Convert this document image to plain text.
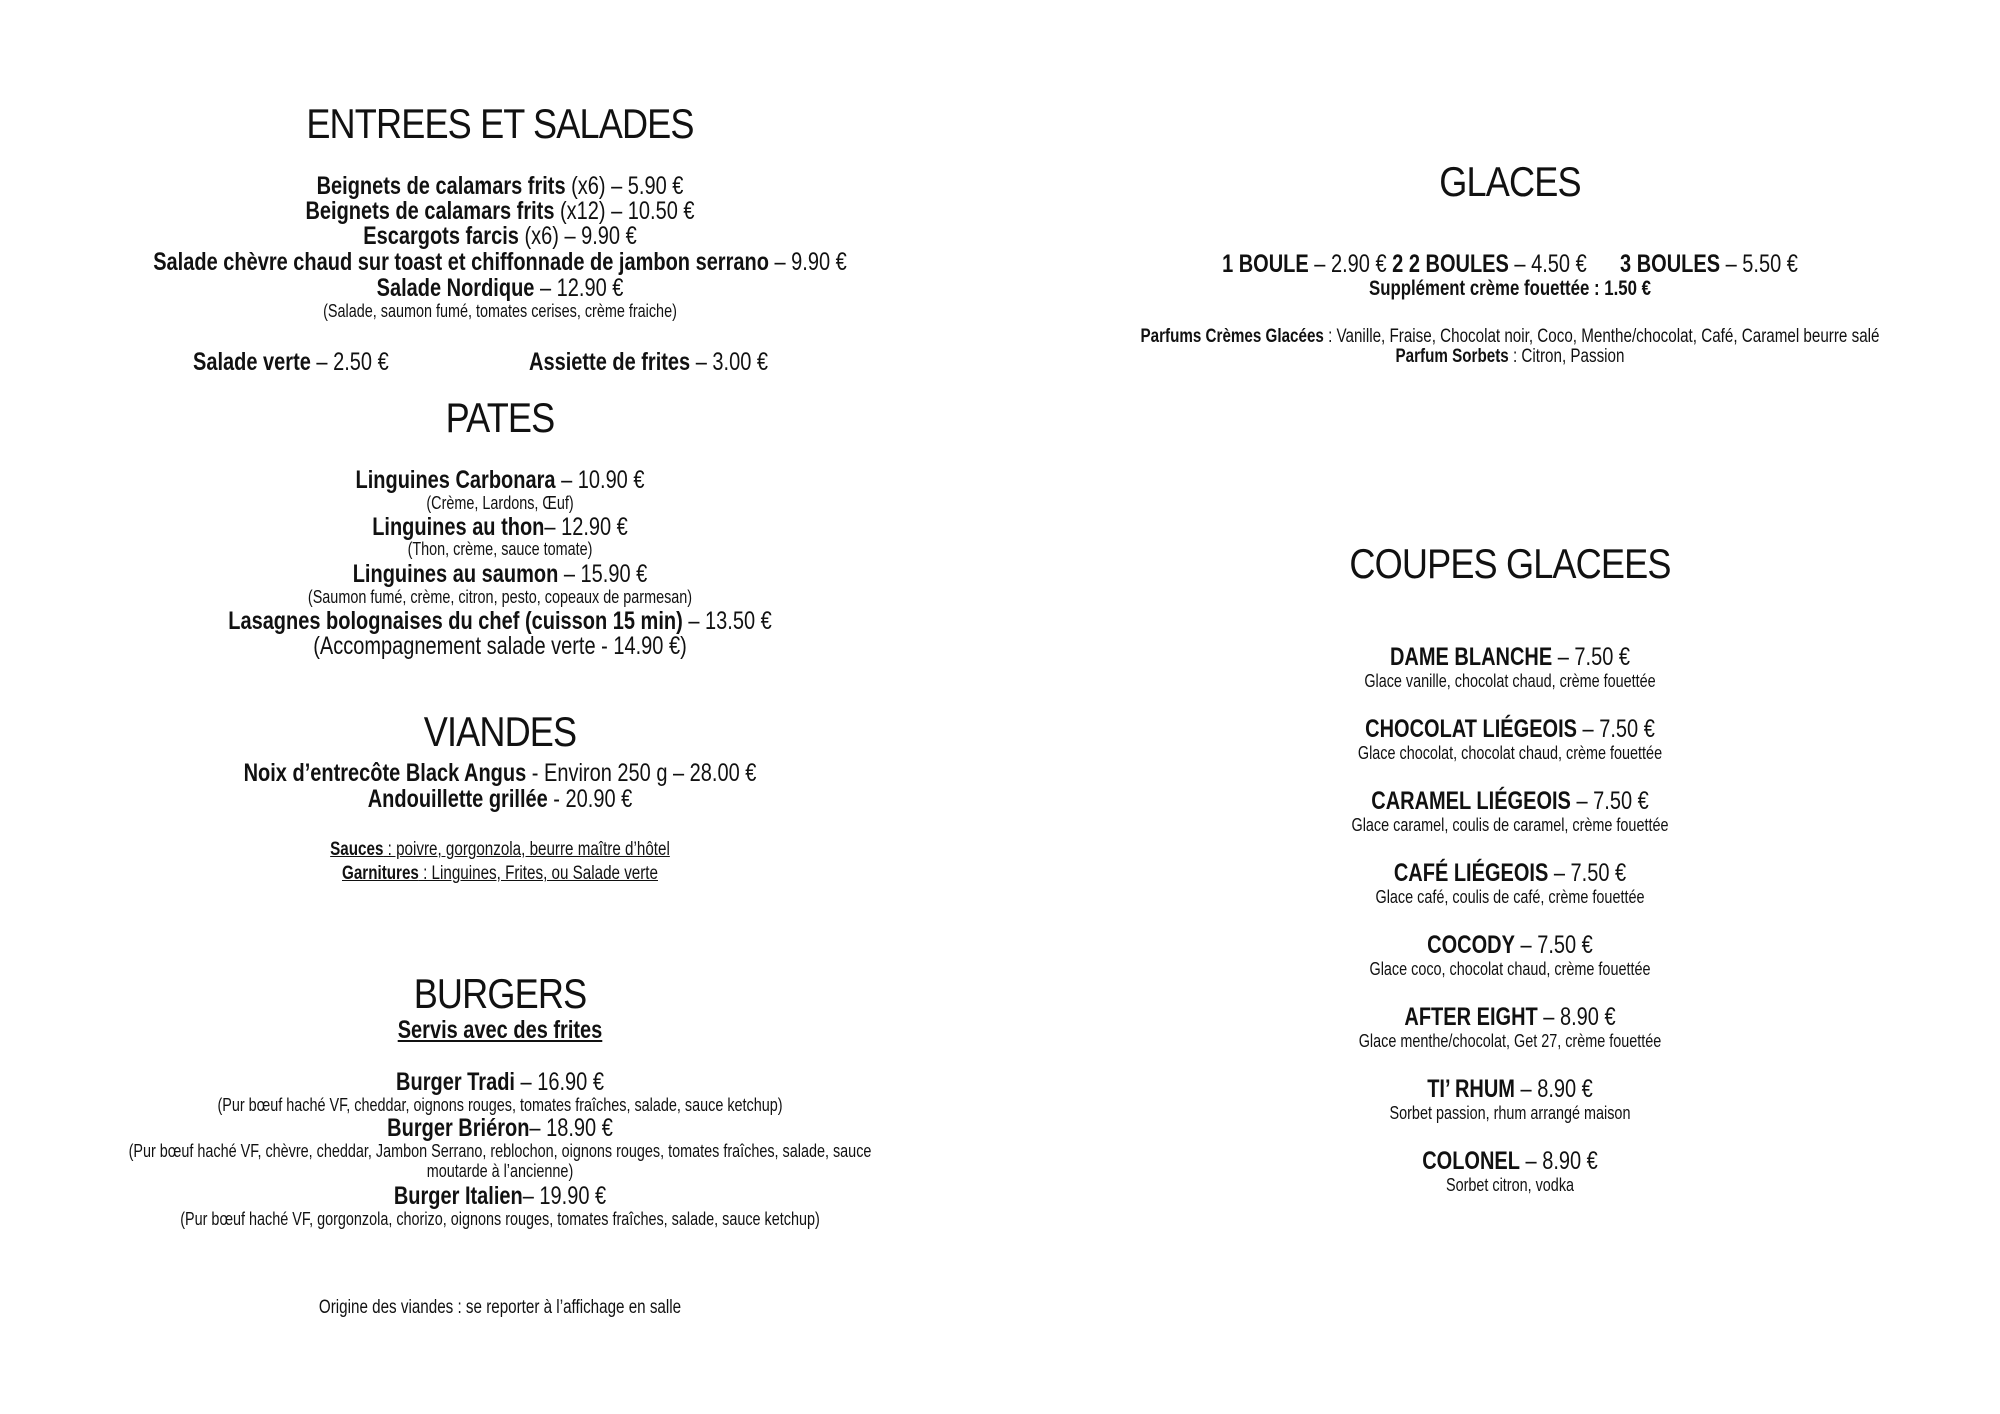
ENTREES ET SALADES
Beignets de calamars frits (x6) – 5.90 €
Beignets de calamars frits (x12) – 10.50 €
Escargots farcis (x6) – 9.90 €
Salade chèvre chaud sur toast et chiffonnade de jambon serrano – 9.90 €
Salade Nordique – 12.90 €
(Salade, saumon fumé, tomates cerises, crème fraiche)
Salade verte – 2.50 €	Assiette de frites – 3.00 €
PATES
Linguines Carbonara – 10.90 €
(Crème, Lardons, Œuf)
Linguines au thon– 12.90 €
(Thon, crème, sauce tomate)
Linguines au saumon – 15.90 €
(Saumon fumé, crème, citron, pesto, copeaux de parmesan)
Lasagnes bolognaises du chef (cuisson 15 min) – 13.50 €
(Accompagnement salade verte - 14.90 €)
VIANDES
Noix d’entrecôte Black Angus - Environ 250 g – 28.00 €
Andouillette grillée - 20.90 €
Sauces : poivre, gorgonzola, beurre maître d’hôtel
Garnitures : Linguines, Frites, ou Salade verte
BURGERS
Servis avec des frites
Burger Tradi – 16.90 €
(Pur bœuf haché VF, cheddar, oignons rouges, tomates fraîches, salade, sauce ketchup)
Burger Briéron– 18.90 €
(Pur bœuf haché VF, chèvre, cheddar, Jambon Serrano, reblochon, oignons rouges, tomates fraîches, salade, sauce
moutarde à l’ancienne)
Burger Italien– 19.90 €
(Pur bœuf haché VF, gorgonzola, chorizo, oignons rouges, tomates fraîches, salade, sauce ketchup)
Origine des viandes : se reporter à l’affichage en salle
GLACES
1 BOULE – 2.90 € 2 2 BOULES – 4.50 € 3 BOULES – 5.50 €
Supplément crème fouettée : 1.50 €
Parfums Crèmes Glacées : Vanille, Fraise, Chocolat noir, Coco, Menthe/chocolat, Café, Caramel beurre salé
Parfum Sorbets : Citron, Passion
COUPES GLACEES
DAME BLANCHE – 7.50 €
Glace vanille, chocolat chaud, crème fouettée
CHOCOLAT LIÉGEOIS – 7.50 €
Glace chocolat, chocolat chaud, crème fouettée
CARAMEL LIÉGEOIS – 7.50 €
Glace caramel, coulis de caramel, crème fouettée
CAFÉ LIÉGEOIS – 7.50 €
Glace café, coulis de café, crème fouettée
COCODY – 7.50 €
Glace coco, chocolat chaud, crème fouettée
AFTER EIGHT – 8.90 €
Glace menthe/chocolat, Get 27, crème fouettée
TI’ RHUM – 8.90 €
Sorbet passion, rhum arrangé maison
COLONEL – 8.90 €
Sorbet citron, vodka
